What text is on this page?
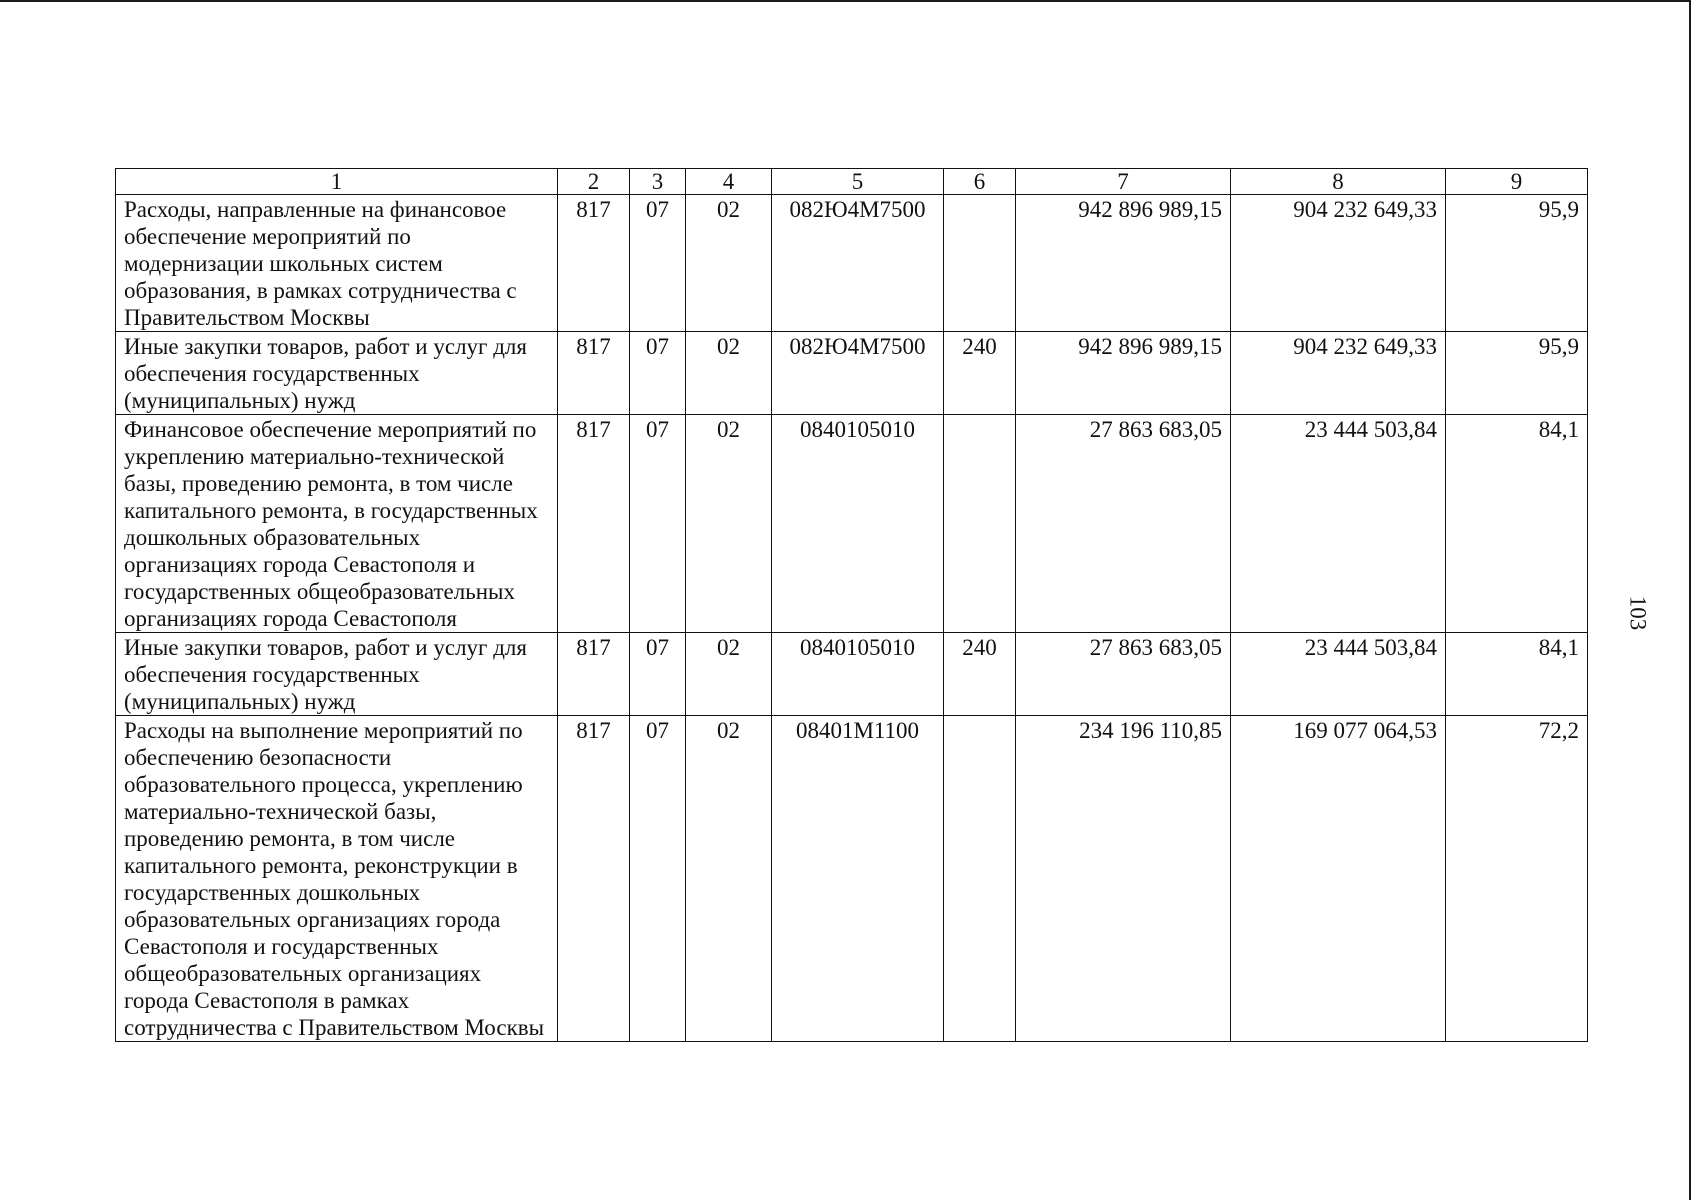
1	2	3	4	5	6	7	8	9
Расходы, направленные на финансовое обеспечение мероприятий по модернизации школьных систем образования, в рамках сотрудничества с Правительством Москвы	817	07	02	082Ю4М7500		942 896 989,15	904 232 649,33	95,9
Иные закупки товаров, работ и услуг для обеспечения государственных (муниципальных) нужд	817	07	02	082Ю4М7500	240	942 896 989,15	904 232 649,33	95,9
Финансовое обеспечение мероприятий по укреплению материально-технической базы, проведению ремонта, в том числе капитального ремонта, в государственных дошкольных образовательных организациях города Севастополя и государственных общеобразовательных организациях города Севастополя	817	07	02	0840105010		27 863 683,05	23 444 503,84	84,1
Иные закупки товаров, работ и услуг для обеспечения государственных (муниципальных) нужд	817	07	02	0840105010	240	27 863 683,05	23 444 503,84	84,1
Расходы на выполнение мероприятий по обеспечению безопасности образовательного процесса, укреплению материально-технической базы, проведению ремонта, в том числе капитального ремонта, реконструкции в государственных дошкольных образовательных организациях города Севастополя и государственных общеобразовательных организациях города Севастополя в рамках сотрудничества с Правительством Москвы	817	07	02	08401М1100		234 196 110,85	169 077 064,53	72,2
103
